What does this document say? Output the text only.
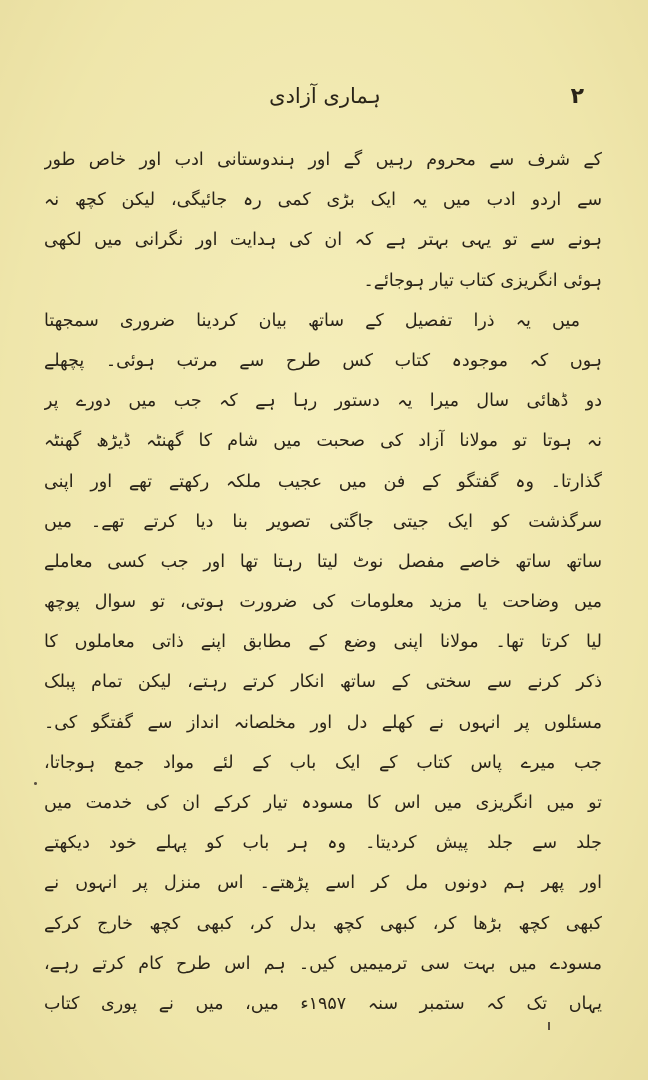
۲
ہماری آزادی
کے شرف سے محروم رہیں گے اور ہندوستانی ادب اور خاص طور
سے اردو ادب میں یہ ایک بڑی کمی رہ جائیگی، لیکن کچھ نہ
ہونے سے تو یہی بہتر ہے کہ ان کی ہدایت اور نگرانی میں لکھی
ہوئی انگریزی کتاب تیار ہوجائے۔
میں یہ ذرا تفصیل کے ساتھ بیان کردینا ضروری سمجھتا
ہوں کہ موجودہ کتاب کس طرح سے مرتب ہوئی۔ پچھلے
دو ڈھائی سال میرا یہ دستور رہا ہے کہ جب میں دورے پر
نہ ہوتا تو مولانا آزاد کی صحبت میں شام کا گھنٹہ ڈیڑھ گھنٹہ
گذارتا۔ وہ گفتگو کے فن میں عجیب ملکہ رکھتے تھے اور اپنی
سرگذشت کو ایک جیتی جاگتی تصویر بنا دیا کرتے تھے۔ میں
ساتھ ساتھ خاصے مفصل نوٹ لیتا رہتا تھا اور جب کسی معاملے
میں وضاحت یا مزید معلومات کی ضرورت ہوتی، تو سوال پوچھ
لیا کرتا تھا۔ مولانا اپنی وضع کے مطابق اپنے ذاتی معاملوں کا
ذکر کرنے سے سختی کے ساتھ انکار کرتے رہتے، لیکن تمام پبلک
مسئلوں پر انہوں نے کھلے دل اور مخلصانہ انداز سے گفتگو کی۔
جب میرے پاس کتاب کے ایک باب کے لئے مواد جمع ہوجاتا،
تو میں انگریزی میں اس کا مسودہ تیار کرکے ان کی خدمت میں
جلد سے جلد پیش کردیتا۔ وہ ہر باب کو پہلے خود دیکھتے
اور پھر ہم دونوں مل کر اسے پڑھتے۔ اس منزل پر انہوں نے
کبھی کچھ بڑھا کر، کبھی کچھ بدل کر، کبھی کچھ خارج کرکے
مسودے میں بہت سی ترمیمیں کیں۔ ہم اس طرح کام کرتے رہے،
یہاں تک کہ ستمبر سنہ ۱۹۵۷ء میں، میں نے پوری کتاب
